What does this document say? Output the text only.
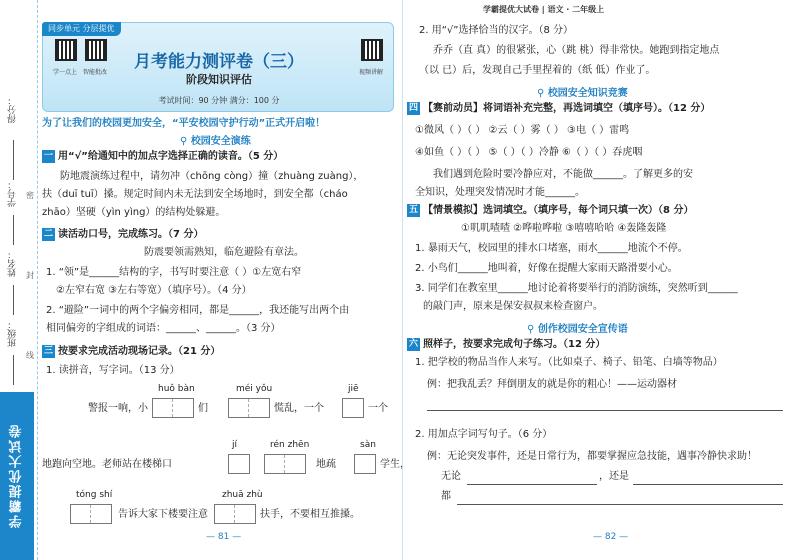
得分：
学号：
姓名：
班级：
密
封
线
学霸提优大试卷
学一点上 智能批改	视频讲解
月考能力测评卷（三）
阶段知识评估
考试时间：90 分钟 满分：100 分
同步单元 分层提优
为了让我们的校园更加安全，“平安校园守护行动”正式开启啦！
⚲ 校园安全演练
一 用“√”给通知中的加点字选择正确的读音。（5 分）
防地震演练过程中，请勿冲（chōng còng）撞（zhuàng zuàng），
扶（duī tuī）搡。规定时间内未无法到安全场地时，到安全都（cháo
zhāo）坚硬（yìn yìng）的结构处躲避。
二 读活动口号，完成练习。（7 分）
防震要领需熟知，临危避险有章法。
1. “领”是______结构的字，书写时要注意（ ）①左宽右窄
②左窄右宽 ③左右等宽）（填序号）。（4 分）
2. “避险”一词中的两个字偏旁相同，都是______，我还能写出两个由
相同偏旁的字组成的词语：______、______。（3 分）
三 按要求完成活动现场记录。（21 分）
1. 读拼音，写字词。（13 分）
huǒ bàn	méi yǒu	jiē
警报一响，小	们	慌乱，一个	一个
jí	rén zhēn	sàn
地跑向空地。老师站在楼梯口	地疏	学生，
tóng shí	zhuā zhù
告诉大家下楼要注意	扶手，不要相互推搡。
— 81 —
学霸提优大试卷 | 语文 · 二年级上
2. 用“√”选择恰当的汉字。（8 分）
乔乔（直 真）的很紧张，心（跳 桃）得非常快。她跑到指定地点
（以 已）后，发现自己手里捏着的（纸 低）作业了。
⚲ 校园安全知识竞赛
四 【赛前动员】将词语补充完整，再选词填空（填序号）。（12 分）
①微风（ ）（ ） ②云（ ）雾（ ） ③电（ ）雷鸣
④如鱼（ ）（ ） ⑤（ ）（ ）冷静 ⑥（ ）（ ）吞虎咽
我们遇到危险时要冷静应对，不能做______。了解更多的安
全知识，处理突发情况时才能______。
五 【情景模拟】选词填空。（填序号，每个词只填一次）（8 分）
①叽叽喳喳 ②哗啦哗啦 ③嘻嘻哈哈 ④轰隆轰隆
1. 暴雨天气，校园里的排水口堵塞，雨水______地流个不停。
2. 小鸟们______地叫着，好像在提醒大家雨天路滑要小心。
3. 同学们在教室里______地讨论着将要举行的消防演练，突然听到______
的敲门声，原来是保安叔叔来检查窗户。
⚲ 创作校园安全宣传语
六 照样子，按要求完成句子练习。（12 分）
1. 把学校的物品当作人来写。（比如桌子、椅子、铅笔、白墙等物品）
例：把我乱丢？拜倒朋友的就是你的粗心！——运动器材
2. 用加点字词写句子。（6 分）
例：无论突发事件，还是日常行为，都要掌握应急技能，遇事冷静快求助！
无论	，还是
都
— 82 —
